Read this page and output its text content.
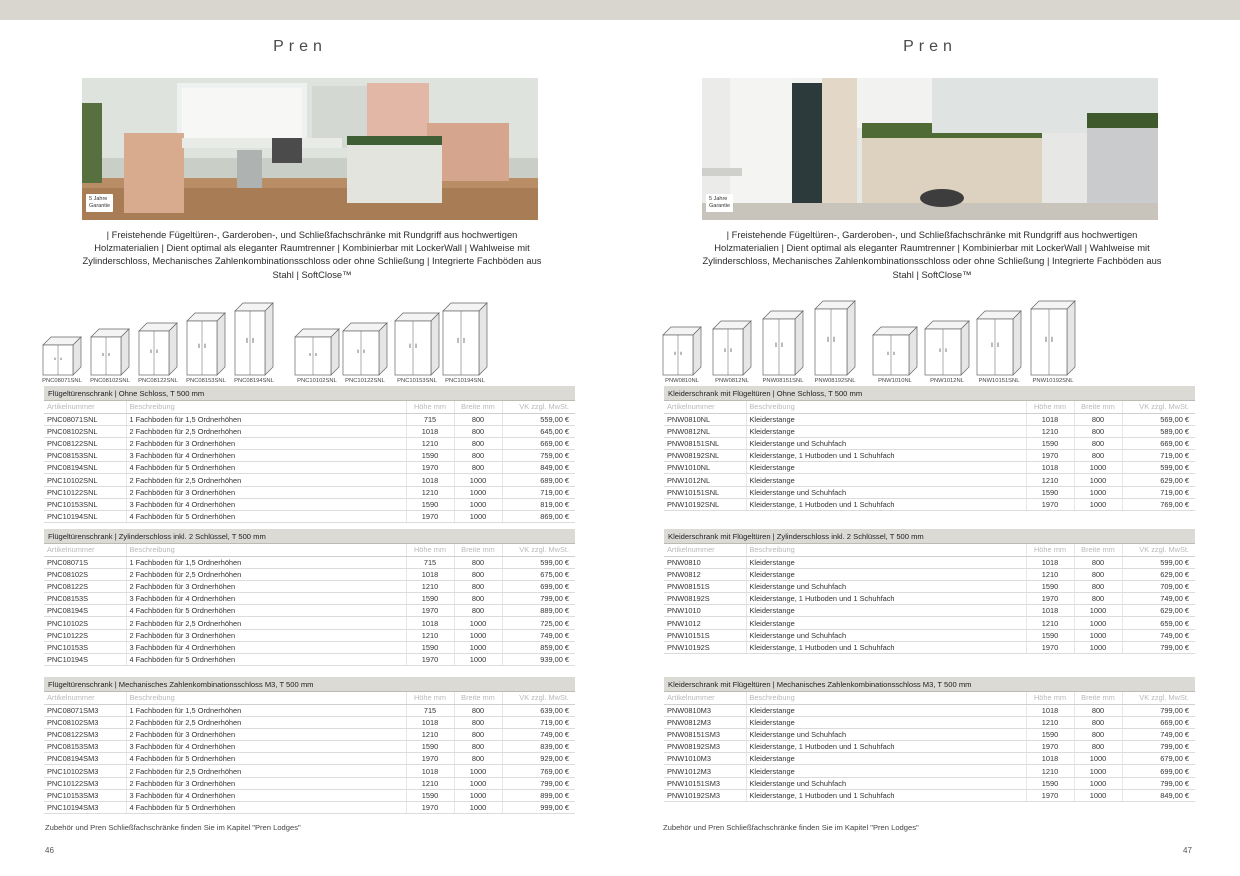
Pren
5 Jahre
Garantie
| Freistehende Fügeltüren-, Garderoben-, und Schließfachschränke mit Rundgriff aus hochwertigen Holzmaterialien | Dient optimal als eleganter Raumtrenner | Kombinierbar mit LockerWall | Wahlweise mit Zylinderschloss, Mechanisches Zahlenkombinationsschloss oder ohne Schließung | Integrierte Fachböden aus Stahl | SoftClose™
PNC08071SNL PNC08102SNL PNC08122SNL PNC08153SNL PNC08194SNL	PNC10102SNL	PNC10122SNL	PNC10153SNL	PNC10194SNL
Flügeltürenschrank | Ohne Schloss, T 500 mm
Artikelnummer	Beschreibung	Höhe mm	Breite mm	VK zzgl. MwSt.
PNC08071SNL	1 Fachboden für 1,5 Ordnerhöhen	715	800	559,00 €
PNC08102SNL	2 Fachböden für 2,5 Ordnerhöhen	1018	800	645,00 €
PNC08122SNL	2 Fachböden für 3 Ordnerhöhen	1210	800	669,00 €
PNC08153SNL	3 Fachböden für 4 Ordnerhöhen	1590	800	759,00 €
PNC08194SNL	4 Fachböden für 5 Ordnerhöhen	1970	800	849,00 €
PNC10102SNL	2 Fachböden für 2,5 Ordnerhöhen	1018	1000	689,00 €
PNC10122SNL	2 Fachböden für 3 Ordnerhöhen	1210	1000	719,00 €
PNC10153SNL	3 Fachböden für 4 Ordnerhöhen	1590	1000	819,00 €
PNC10194SNL	4 Fachböden für 5 Ordnerhöhen	1970	1000	869,00 €
Flügeltürenschrank | Zylinderschloss inkl. 2 Schlüssel, T 500 mm
Artikelnummer	Beschreibung	Höhe mm	Breite mm	VK zzgl. MwSt.
PNC08071S	1 Fachboden für 1,5 Ordnerhöhen	715	800	599,00 €
PNC08102S	2 Fachböden für 2,5 Ordnerhöhen	1018	800	675,00 €
PNC08122S	2 Fachböden für 3 Ordnerhöhen	1210	800	699,00 €
PNC08153S	3 Fachböden für 4 Ordnerhöhen	1590	800	799,00 €
PNC08194S	4 Fachböden für 5 Ordnerhöhen	1970	800	889,00 €
PNC10102S	2 Fachböden für 2,5 Ordnerhöhen	1018	1000	725,00 €
PNC10122S	2 Fachböden für 3 Ordnerhöhen	1210	1000	749,00 €
PNC10153S	3 Fachböden für 4 Ordnerhöhen	1590	1000	859,00 €
PNC10194S	4 Fachböden für 5 Ordnerhöhen	1970	1000	939,00 €
Flügeltürenschrank | Mechanisches Zahlenkombinationsschloss M3, T 500 mm
Artikelnummer	Beschreibung	Höhe mm	Breite mm	VK zzgl. MwSt.
PNC08071SM3	1 Fachboden für 1,5 Ordnerhöhen	715	800	639,00 €
PNC08102SM3	2 Fachböden für 2,5 Ordnerhöhen	1018	800	719,00 €
PNC08122SM3	2 Fachböden für 3 Ordnerhöhen	1210	800	749,00 €
PNC08153SM3	3 Fachböden für 4 Ordnerhöhen	1590	800	839,00 €
PNC08194SM3	4 Fachböden für 5 Ordnerhöhen	1970	800	929,00 €
PNC10102SM3	2 Fachböden für 2,5 Ordnerhöhen	1018	1000	769,00 €
PNC10122SM3	2 Fachböden für 3 Ordnerhöhen	1210	1000	799,00 €
PNC10153SM3	3 Fachböden für 4 Ordnerhöhen	1590	1000	899,00 €
PNC10194SM3	4 Fachböden für 5 Ordnerhöhen	1970	1000	999,00 €
Zubehör und Pren Schließfachschränke finden Sie im Kapitel "Pren Lodges"
46
Pren
5 Jahre
Garantie
| Freistehende Fügeltüren-, Garderoben-, und Schließfachschränke mit Rundgriff aus hochwertigen Holzmaterialien | Dient optimal als eleganter Raumtrenner | Kombinierbar mit LockerWall | Wahlweise mit Zylinderschloss, Mechanisches Zahlenkombinationsschloss oder ohne Schließung | Integrierte Fachböden aus Stahl | SoftClose™
PNW0810NL	PNW0812NL	PNW08151SNL PNW08192SNL	PNW1010NL	PNW1012NL	PNW10151SNL	PNW10192SNL
Kleiderschrank mit Flügeltüren | Ohne Schloss, T 500 mm
Artikelnummer	Beschreibung	Höhe mm	Breite mm	VK zzgl. MwSt.
PNW0810NL	Kleiderstange	1018	800	569,00 €
PNW0812NL	Kleiderstange	1210	800	589,00 €
PNW08151SNL	Kleiderstange und Schuhfach	1590	800	669,00 €
PNW08192SNL	Kleiderstange, 1 Hutboden und 1 Schuhfach	1970	800	719,00 €
PNW1010NL	Kleiderstange	1018	1000	599,00 €
PNW1012NL	Kleiderstange	1210	1000	629,00 €
PNW10151SNL	Kleiderstange und Schuhfach	1590	1000	719,00 €
PNW10192SNL	Kleiderstange, 1 Hutboden und 1 Schuhfach	1970	1000	769,00 €
Kleiderschrank mit Flügeltüren | Zylinderschloss inkl. 2 Schlüssel, T 500 mm
Artikelnummer	Beschreibung	Höhe mm	Breite mm	VK zzgl. MwSt.
PNW0810	Kleiderstange	1018	800	599,00 €
PNW0812	Kleiderstange	1210	800	629,00 €
PNW08151S	Kleiderstange und Schuhfach	1590	800	709,00 €
PNW08192S	Kleiderstange, 1 Hutboden und 1 Schuhfach	1970	800	749,00 €
PNW1010	Kleiderstange	1018	1000	629,00 €
PNW1012	Kleiderstange	1210	1000	659,00 €
PNW10151S	Kleiderstange und Schuhfach	1590	1000	749,00 €
PNW10192S	Kleiderstange, 1 Hutboden und 1 Schuhfach	1970	1000	799,00 €
Kleiderschrank mit Flügeltüren | Mechanisches Zahlenkombinationsschloss M3, T 500 mm
Artikelnummer	Beschreibung	Höhe mm	Breite mm	VK zzgl. MwSt.
PNW0810M3	Kleiderstange	1018	800	799,00 €
PNW0812M3	Kleiderstange	1210	800	669,00 €
PNW08151SM3	Kleiderstange und Schuhfach	1590	800	749,00 €
PNW08192SM3	Kleiderstange, 1 Hutboden und 1 Schuhfach	1970	800	799,00 €
PNW1010M3	Kleiderstange	1018	1000	679,00 €
PNW1012M3	Kleiderstange	1210	1000	699,00 €
PNW10151SM3	Kleiderstange und Schuhfach	1590	1000	799,00 €
PNW10192SM3	Kleiderstange, 1 Hutboden und 1 Schuhfach	1970	1000	849,00 €
Zubehör und Pren Schließfachschränke finden Sie im Kapitel "Pren Lodges"
47
